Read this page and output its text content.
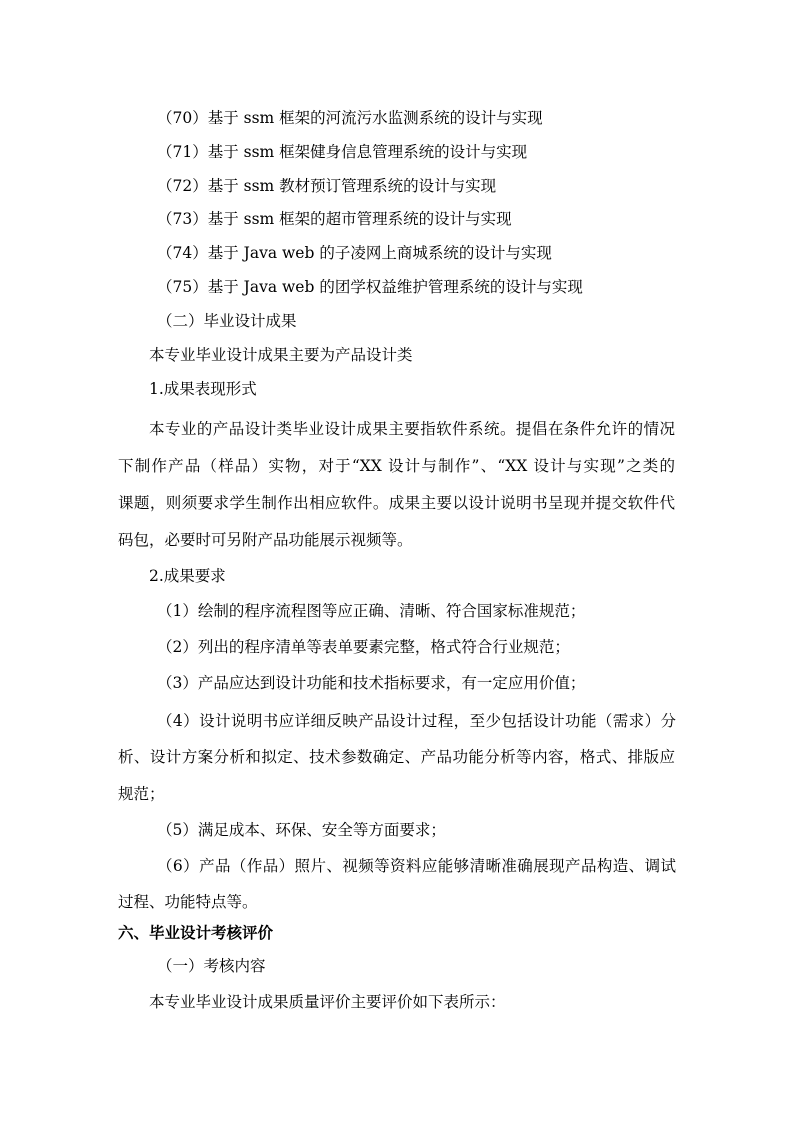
（70）基于 ssm 框架的河流污水监测系统的设计与实现
（71）基于 ssm 框架健身信息管理系统的设计与实现
（72）基于 ssm 教材预订管理系统的设计与实现
（73）基于 ssm 框架的超市管理系统的设计与实现
（74）基于 Java web 的子凌网上商城系统的设计与实现
（75）基于 Java web 的团学权益维护管理系统的设计与实现
（二）毕业设计成果
本专业毕业设计成果主要为产品设计类
1.成果表现形式
本专业的产品设计类毕业设计成果主要指软件系统。提倡在条件允许的情况
下制作产品（样品）实物，对于“XX 设计与制作”、“XX 设计与实现”之类的
课题，则须要求学生制作出相应软件。成果主要以设计说明书呈现并提交软件代
码包，必要时可另附产品功能展示视频等。
2.成果要求
（1）绘制的程序流程图等应正确、清晰、符合国家标准规范；
（2）列出的程序清单等表单要素完整，格式符合行业规范；
（3）产品应达到设计功能和技术指标要求，有一定应用价值；
（4）设计说明书应详细反映产品设计过程，至少包括设计功能（需求）分
析、设计方案分析和拟定、技术参数确定、产品功能分析等内容，格式、排版应
规范；
（5）满足成本、环保、安全等方面要求；
（6）产品（作品）照片、视频等资料应能够清晰准确展现产品构造、调试
过程、功能特点等。
六、毕业设计考核评价
（一）考核内容
本专业毕业设计成果质量评价主要评价如下表所示：
